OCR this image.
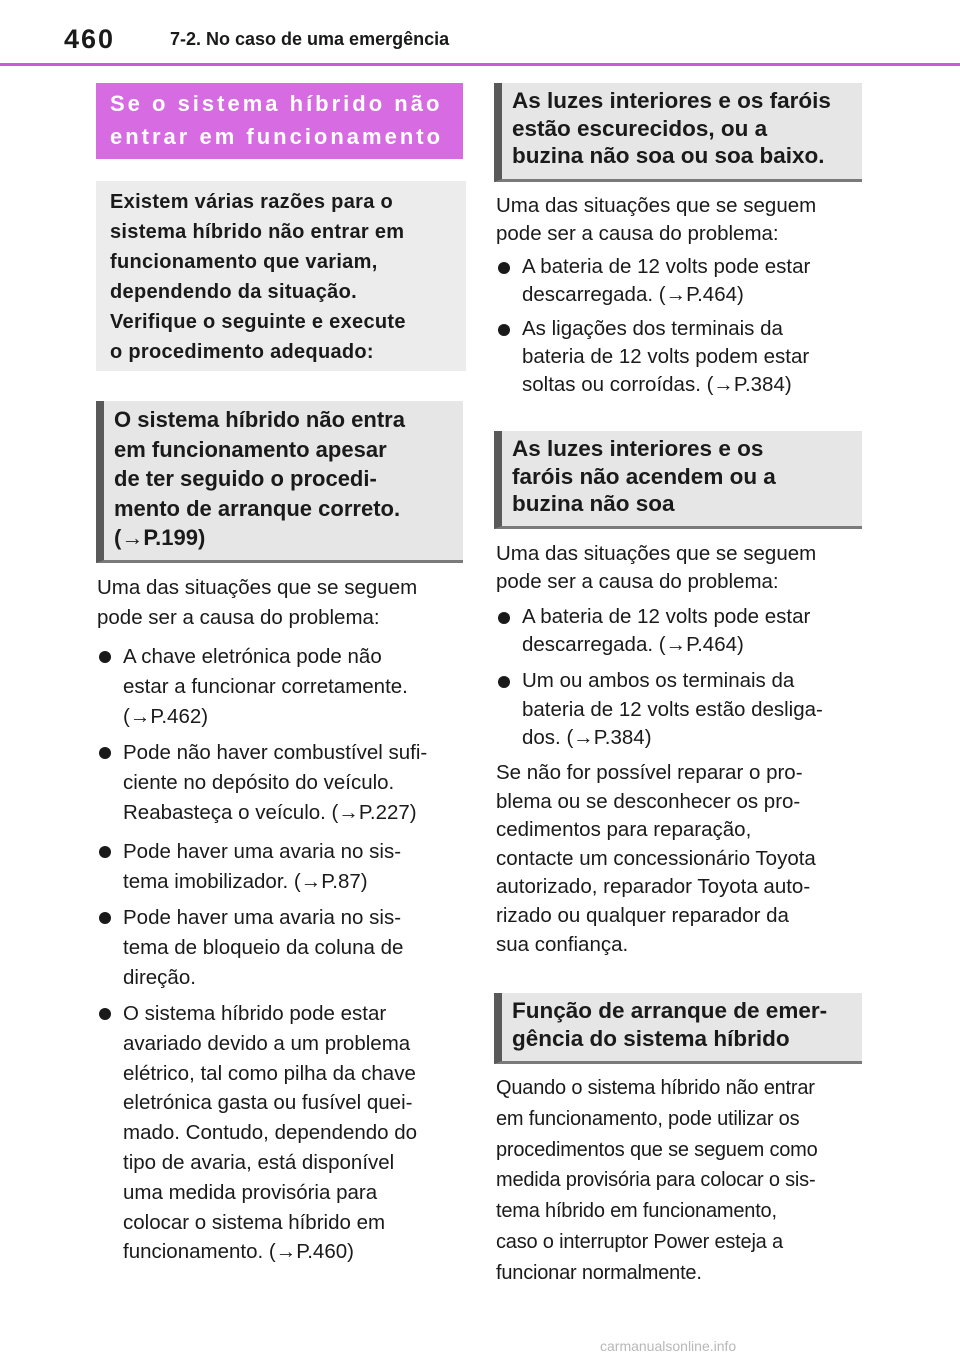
460	7-2. No caso de uma emergência
Se o sistema híbrido não
entrar em funcionamento
Existem várias razões para o
sistema híbrido não entrar em
funcionamento que variam,
dependendo da situação.
Verifique o seguinte e execute
o procedimento adequado:
O sistema híbrido não entra
em funcionamento apesar
de ter seguido o procedi-
mento de arranque correto.
(→P.199)
Uma das situações que se seguem
pode ser a causa do problema:
A chave eletrónica pode não
estar a funcionar corretamente.
(→P.462)
Pode não haver combustível sufi-
ciente no depósito do veículo.
Reabasteça o veículo. (→P.227)
Pode haver uma avaria no sis-
tema imobilizador. (→P.87)
Pode haver uma avaria no sis-
tema de bloqueio da coluna de
direção.
O sistema híbrido pode estar
avariado devido a um problema
elétrico, tal como pilha da chave
eletrónica gasta ou fusível quei-
mado. Contudo, dependendo do
tipo de avaria, está disponível
uma medida provisória para
colocar o sistema híbrido em
funcionamento. (→P.460)
As luzes interiores e os faróis
estão escurecidos, ou a
buzina não soa ou soa baixo.
Uma das situações que se seguem
pode ser a causa do problema:
A bateria de 12 volts pode estar
descarregada. (→P.464)
As ligações dos terminais da
bateria de 12 volts podem estar
soltas ou corroídas. (→P.384)
As luzes interiores e os
faróis não acendem ou a
buzina não soa
Uma das situações que se seguem
pode ser a causa do problema:
A bateria de 12 volts pode estar
descarregada. (→P.464)
Um ou ambos os terminais da
bateria de 12 volts estão desliga-
dos. (→P.384)
Se não for possível reparar o pro-
blema ou se desconhecer os pro-
cedimentos para reparação,
contacte um concessionário Toyota
autorizado, reparador Toyota auto-
rizado ou qualquer reparador da
sua confiança.
Função de arranque de emer-
gência do sistema híbrido
Quando o sistema híbrido não entrar
em funcionamento, pode utilizar os
procedimentos que se seguem como
medida provisória para colocar o sis-
tema híbrido em funcionamento,
caso o interruptor Power esteja a
funcionar normalmente.
carmanualsonline.info
